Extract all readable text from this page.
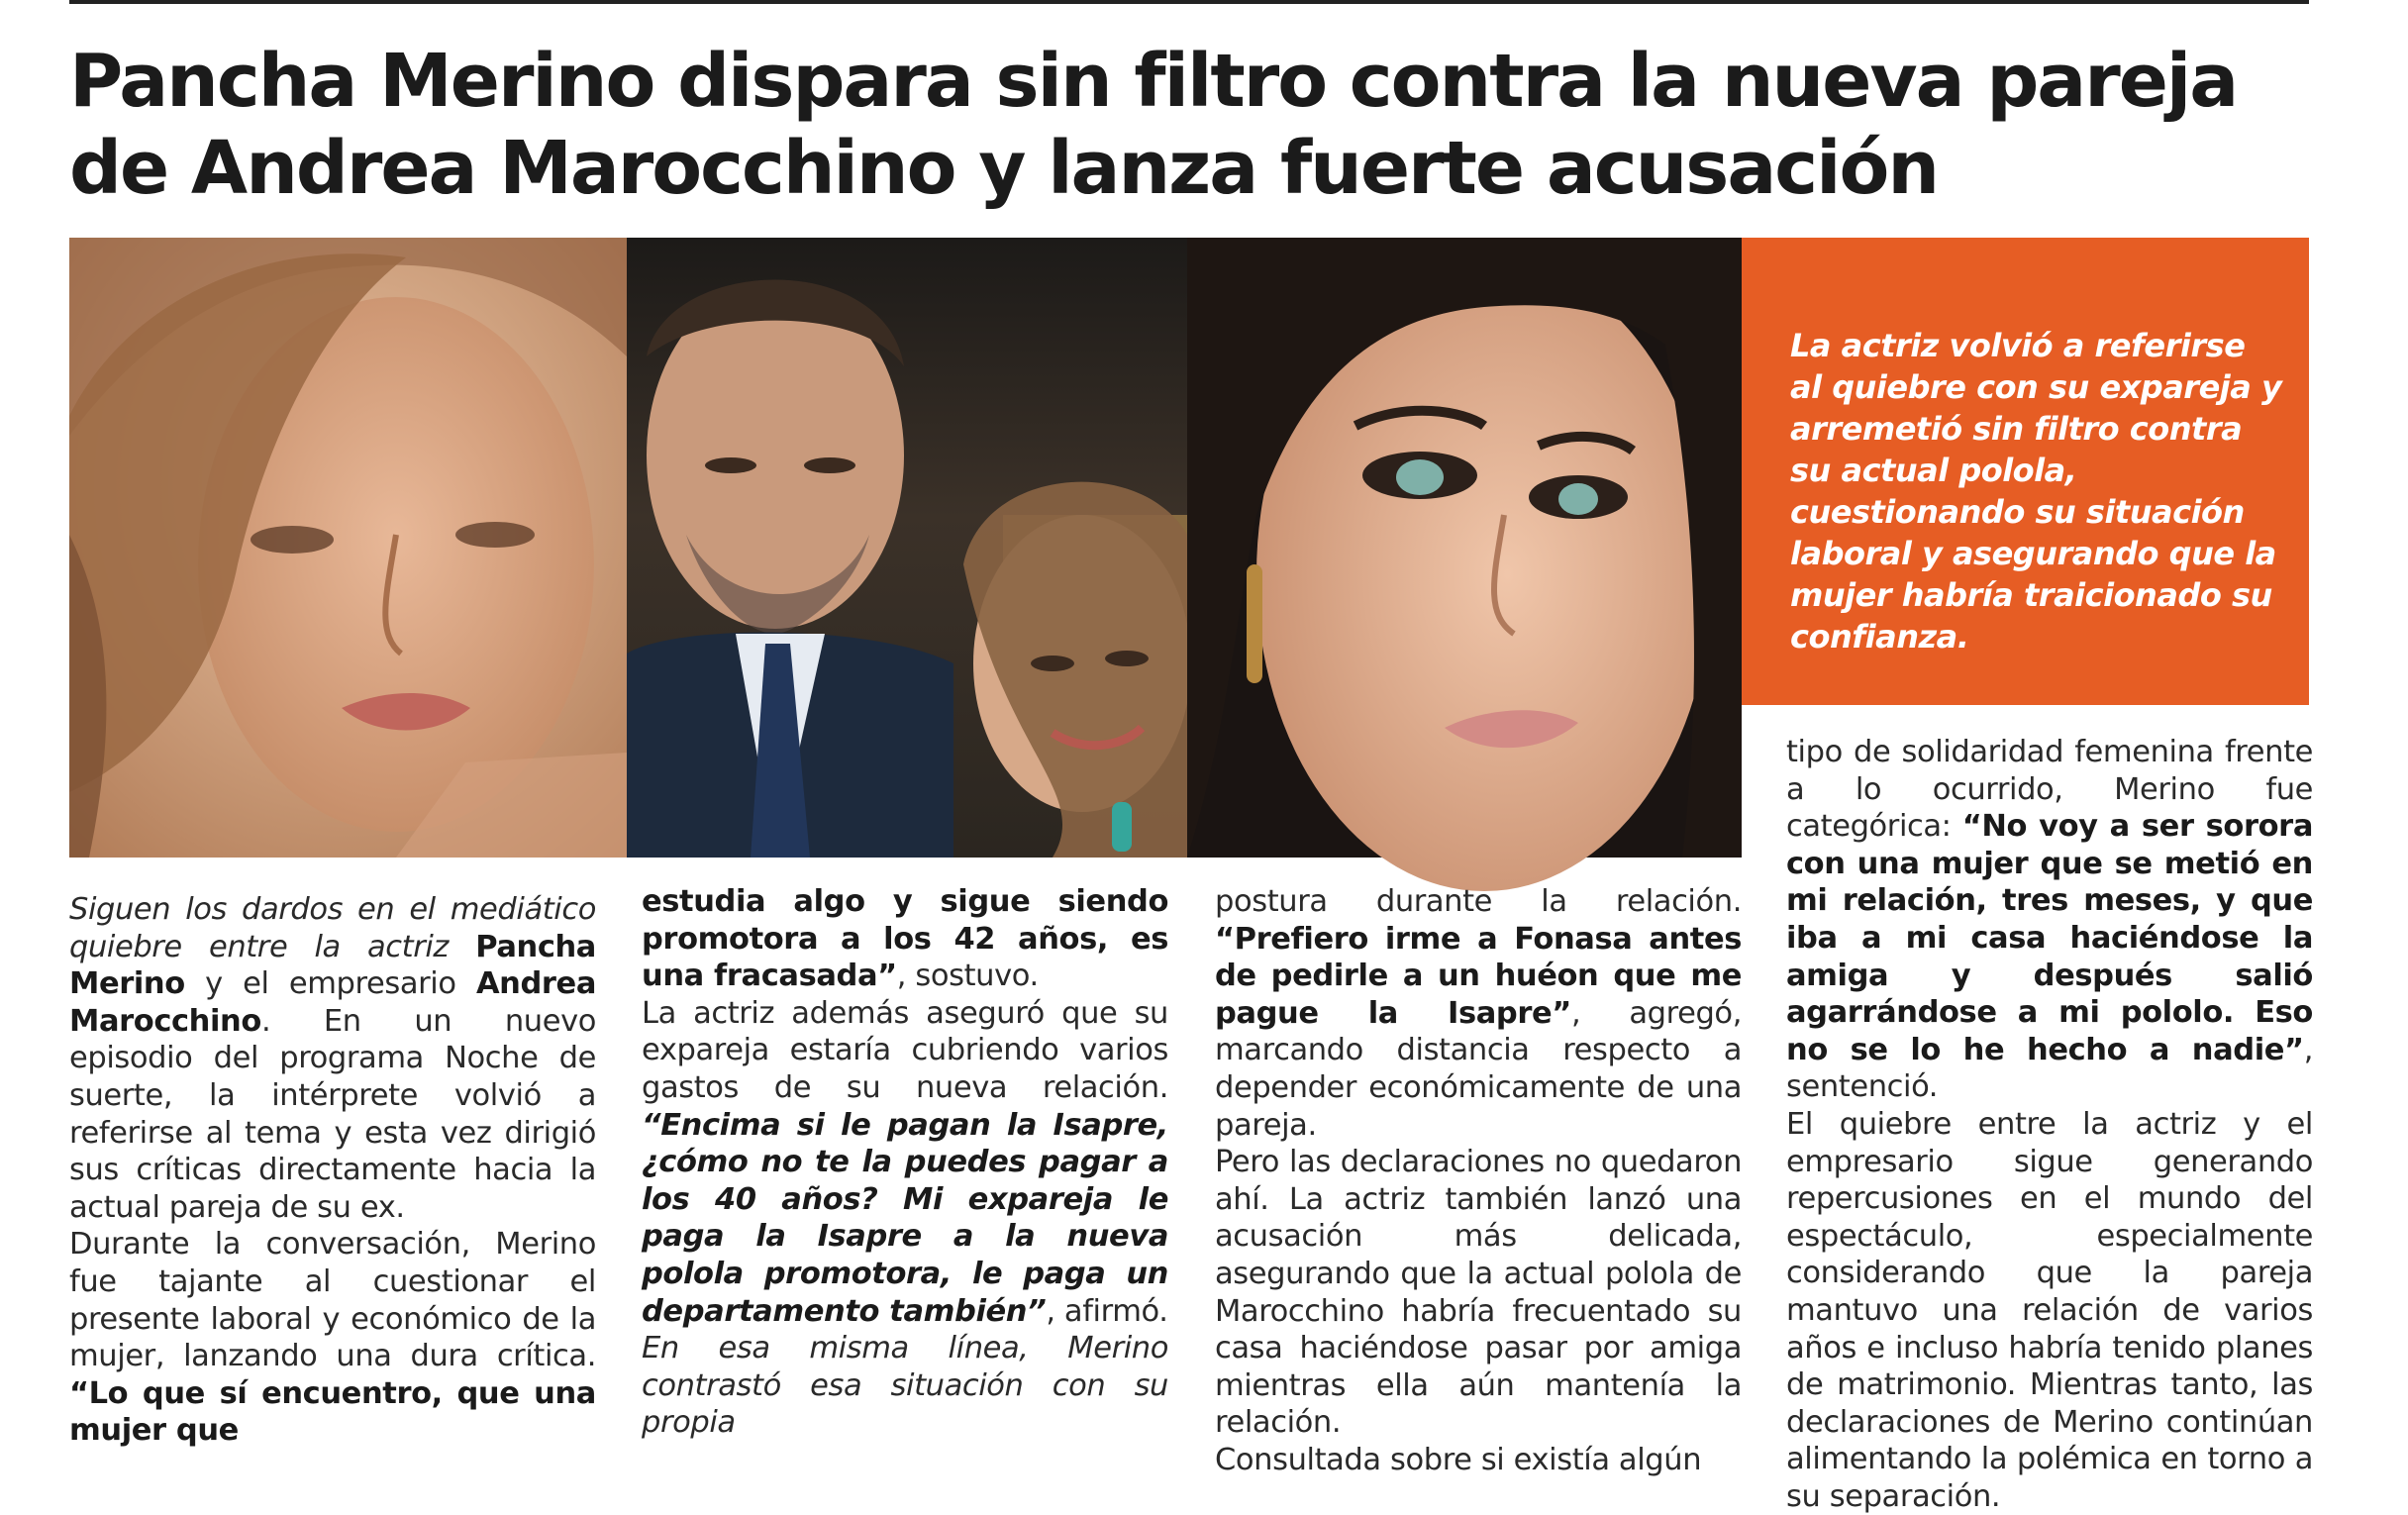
Pancha Merino dispara sin filtro contra la nueva pareja
de Andrea Marocchino y lanza fuerte acusación

La actriz volvió a referirse al quiebre con su expareja y arremetió sin filtro contra su actual polola, cuestionando su situación laboral y asegurando que la mujer habría traicionado su confianza.

Siguen los dardos en el mediático quiebre entre la actriz Pancha Merino y el empresario Andrea Marocchino. En un nuevo episodio del programa Noche de suerte, la intérprete volvió a referirse al tema y esta vez dirigió sus críticas directamente hacia la actual pareja de su ex.

Durante la conversación, Merino fue tajante al cuestionar el presente laboral y económico de la mujer, lanzando una dura crítica. “Lo que sí encuentro, que una mujer que

estudia algo y sigue siendo promotora a los 42 años, es una fracasada”, sostuvo.

La actriz además aseguró que su expareja estaría cubriendo varios gastos de su nueva relación. “Encima si le pagan la Isapre, ¿cómo no te la puedes pagar a los 40 años? Mi expareja le paga la Isapre a la nueva polola promotora, le paga un departamento también”, afirmó.

En esa misma línea, Merino contrastó esa situación con su propia

postura durante la relación. “Prefiero irme a Fonasa antes de pedirle a un huéon que me pague la Isapre”, agregó, marcando distancia respecto a depender económicamente de una pareja.

Pero las declaraciones no quedaron ahí. La actriz también lanzó una acusación más delicada, asegurando que la actual polola de Marocchino habría frecuentado su casa haciéndose pasar por amiga mientras ella aún mantenía la relación.

Consultada sobre si existía algún

tipo de solidaridad femenina frente a lo ocurrido, Merino fue categórica: “No voy a ser sorora con una mujer que se metió en mi relación, tres meses, y que iba a mi casa haciéndose la amiga y después salió agarrándose a mi pololo. Eso no se lo he hecho a nadie”, sentenció.

El quiebre entre la actriz y el empresario sigue generando repercusiones en el mundo del espectáculo, especialmente considerando que la pareja mantuvo una relación de varios años e incluso habría tenido planes de matrimonio. Mientras tanto, las declaraciones de Merino continúan alimentando la polémica en torno a su separación.
